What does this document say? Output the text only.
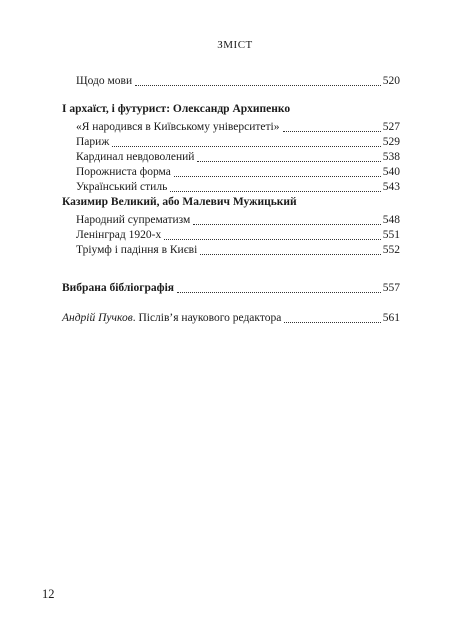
ЗМІСТ
Щодо мови	520
І архаїст, і футурист: Олександр Архипенко
«Я народився в Київському університеті»	527
Париж	529
Кардинал невдоволений	538
Порожниста форма	540
Український стиль	543
Казимир Великий, або Малевич Мужицький
Народний супрематизм	548
Ленінград 1920-х	551
Тріумф і падіння в Києві	552
Вибрана бібліографія	557
Андрій Пучков. Післів’я наукового редактора	561
12
